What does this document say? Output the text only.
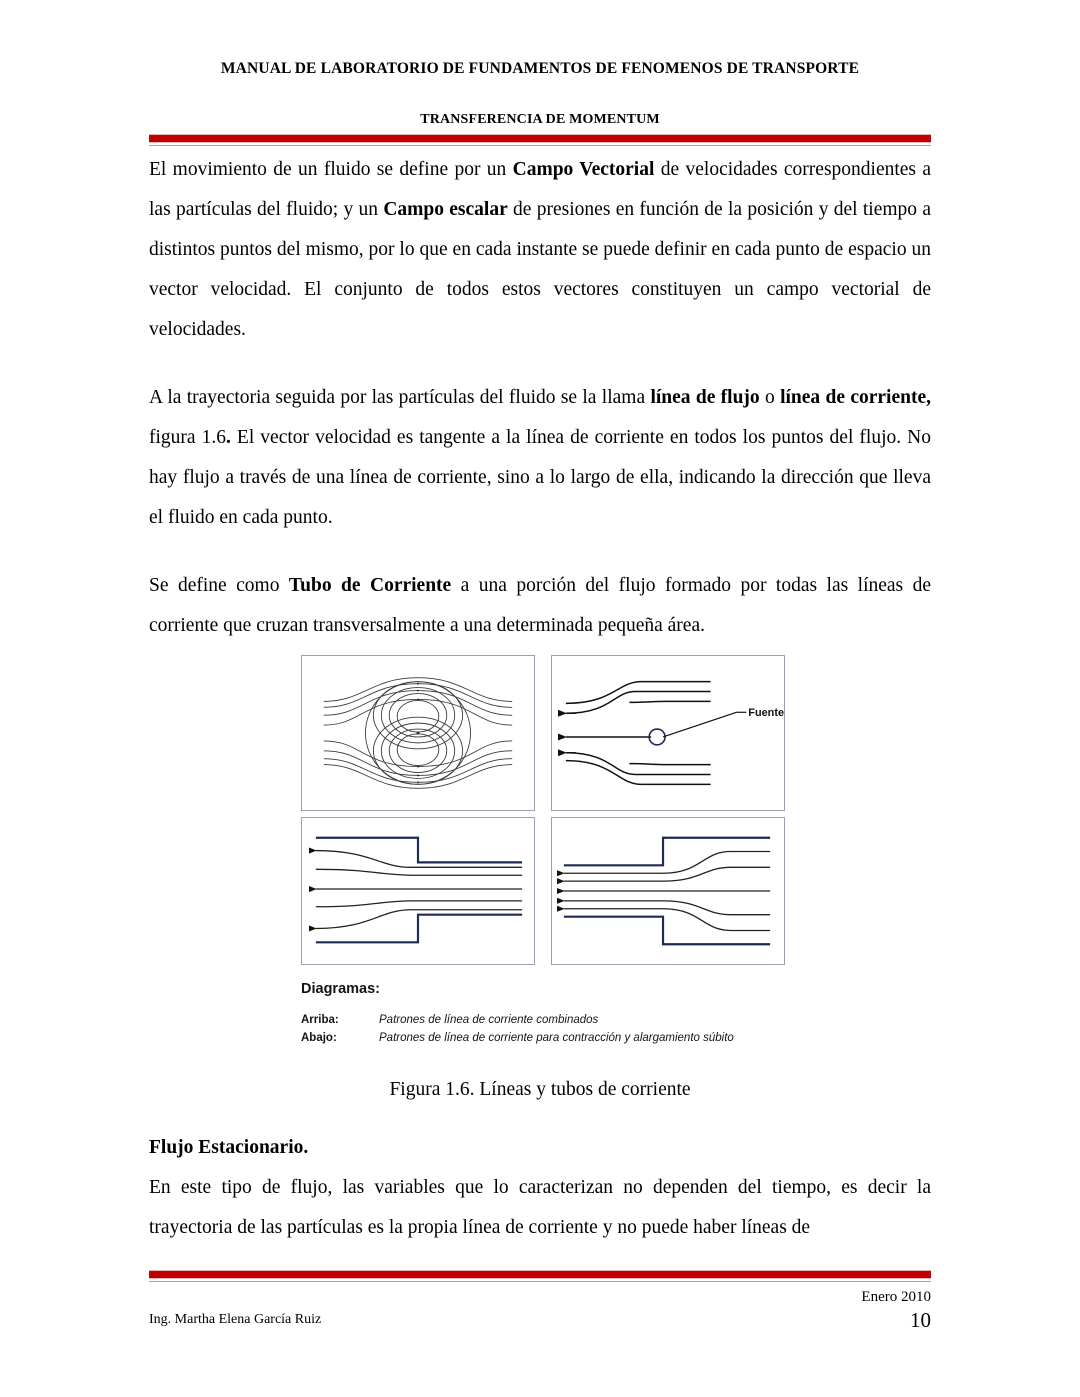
MANUAL DE LABORATORIO DE FUNDAMENTOS DE FENOMENOS DE TRANSPORTE
TRANSFERENCIA DE MOMENTUM

El movimiento de un fluido se define por un Campo Vectorial de velocidades correspondientes a las partículas del fluido; y un Campo escalar de presiones en función de la posición y del tiempo a distintos puntos del mismo, por lo que en cada instante se puede definir en cada punto de espacio un vector velocidad. El conjunto de todos estos vectores constituyen un campo vectorial de velocidades.

A la trayectoria seguida por las partículas del fluido se la llama línea de flujo o línea de corriente, figura 1.6. El vector velocidad es tangente a la línea de corriente en todos los puntos del flujo. No hay flujo a través de una línea de corriente, sino a lo largo de ella, indicando la dirección que lleva el fluido en cada punto.

Se define como Tubo de Corriente a una porción del flujo formado por todas las líneas de corriente que cruzan transversalmente a una determinada pequeña área.

Fuente
Diagramas:
Arriba:	Patrones de línea de corriente combinados
Abajo:	Patrones de línea de corriente para contracción y alargamiento súbito
Figura 1.6. Líneas y tubos de corriente
Flujo Estacionario.

En este tipo de flujo, las variables que lo caracterizan no dependen del tiempo, es decir la trayectoria de las partículas es la propia línea de corriente y no puede haber líneas de

Enero 2010
Ing. Martha Elena García Ruiz	10
